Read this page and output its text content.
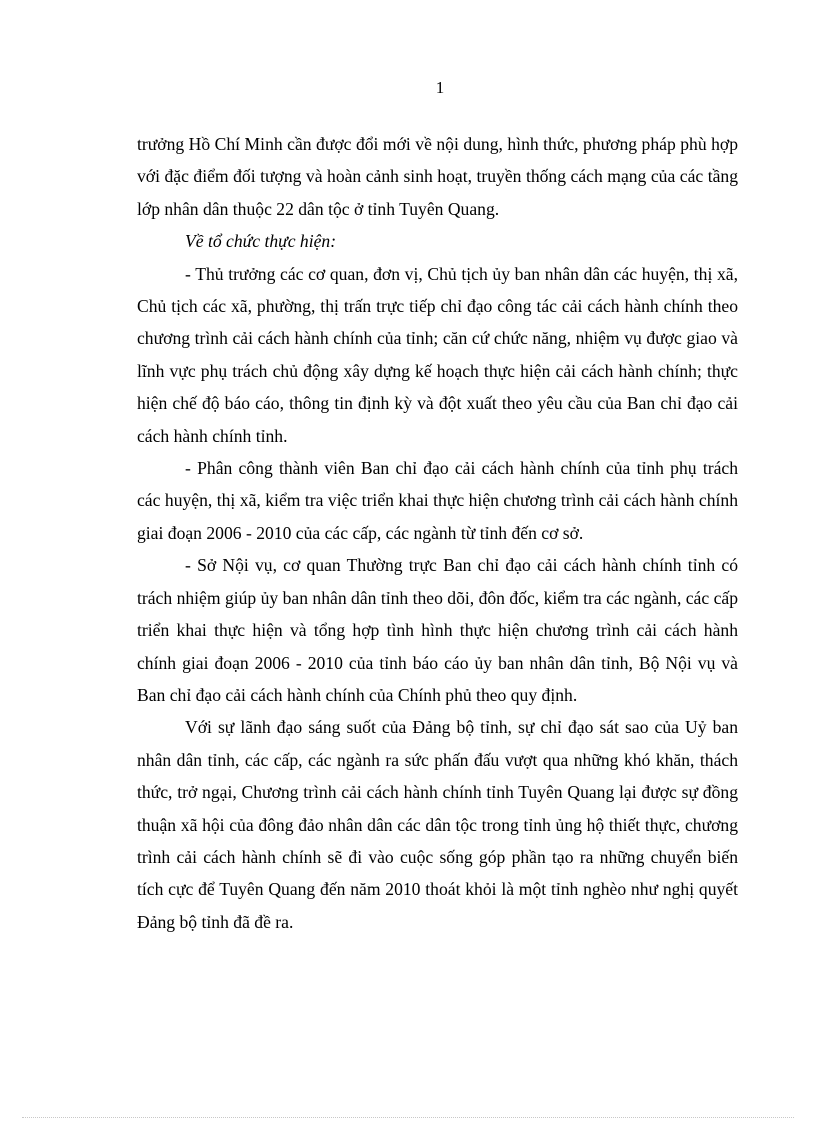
1

trưởng Hồ Chí Minh cần được đổi mới về nội dung, hình thức, phương pháp phù hợp với đặc điểm đối tượng và hoàn cảnh sinh hoạt, truyền thống cách mạng của các tầng lớp nhân dân thuộc 22 dân tộc ở tỉnh Tuyên Quang.

Về tổ chức thực hiện:

- Thủ trưởng các cơ quan, đơn vị, Chủ tịch ủy ban nhân dân các huyện, thị xã, Chủ tịch các xã, phường, thị trấn trực tiếp chỉ đạo công tác cải cách hành chính theo chương trình cải cách hành chính của tỉnh; căn cứ chức năng, nhiệm vụ được giao và lĩnh vực phụ trách chủ động xây dựng kế hoạch thực hiện cải cách hành chính; thực hiện chế độ báo cáo, thông tin định kỳ và đột xuất theo yêu cầu của Ban chỉ đạo cải cách hành chính tỉnh.

- Phân công thành viên Ban chỉ đạo cải cách hành chính của tỉnh phụ trách các huyện, thị xã, kiểm tra việc triển khai thực hiện chương trình cải cách hành chính giai đoạn 2006 - 2010 của các cấp, các ngành từ tỉnh đến cơ sở.

- Sở Nội vụ, cơ quan Thường trực Ban chỉ đạo cải cách hành chính tỉnh có trách nhiệm giúp ủy ban nhân dân tỉnh theo dõi, đôn đốc, kiểm tra các ngành, các cấp triển khai thực hiện và tổng hợp tình hình thực hiện chương trình cải cách hành chính giai đoạn 2006 - 2010 của tỉnh báo cáo ủy ban nhân dân tỉnh, Bộ Nội vụ và Ban chỉ đạo cải cách hành chính của Chính phủ theo quy định.

Với sự lãnh đạo sáng suốt của Đảng bộ tỉnh, sự chỉ đạo sát sao của Uỷ ban nhân dân tỉnh, các cấp, các ngành ra sức phấn đấu vượt qua những khó khăn, thách thức, trở ngại, Chương trình cải cách hành chính tỉnh Tuyên Quang lại được sự đồng thuận xã hội của đông đảo nhân dân các dân tộc trong tỉnh ủng hộ thiết thực, chương trình cải cách hành chính sẽ đi vào cuộc sống góp phần tạo ra những chuyển biến tích cực để Tuyên Quang đến năm 2010 thoát khỏi là một tỉnh nghèo như nghị quyết Đảng bộ tỉnh đã đề ra.
